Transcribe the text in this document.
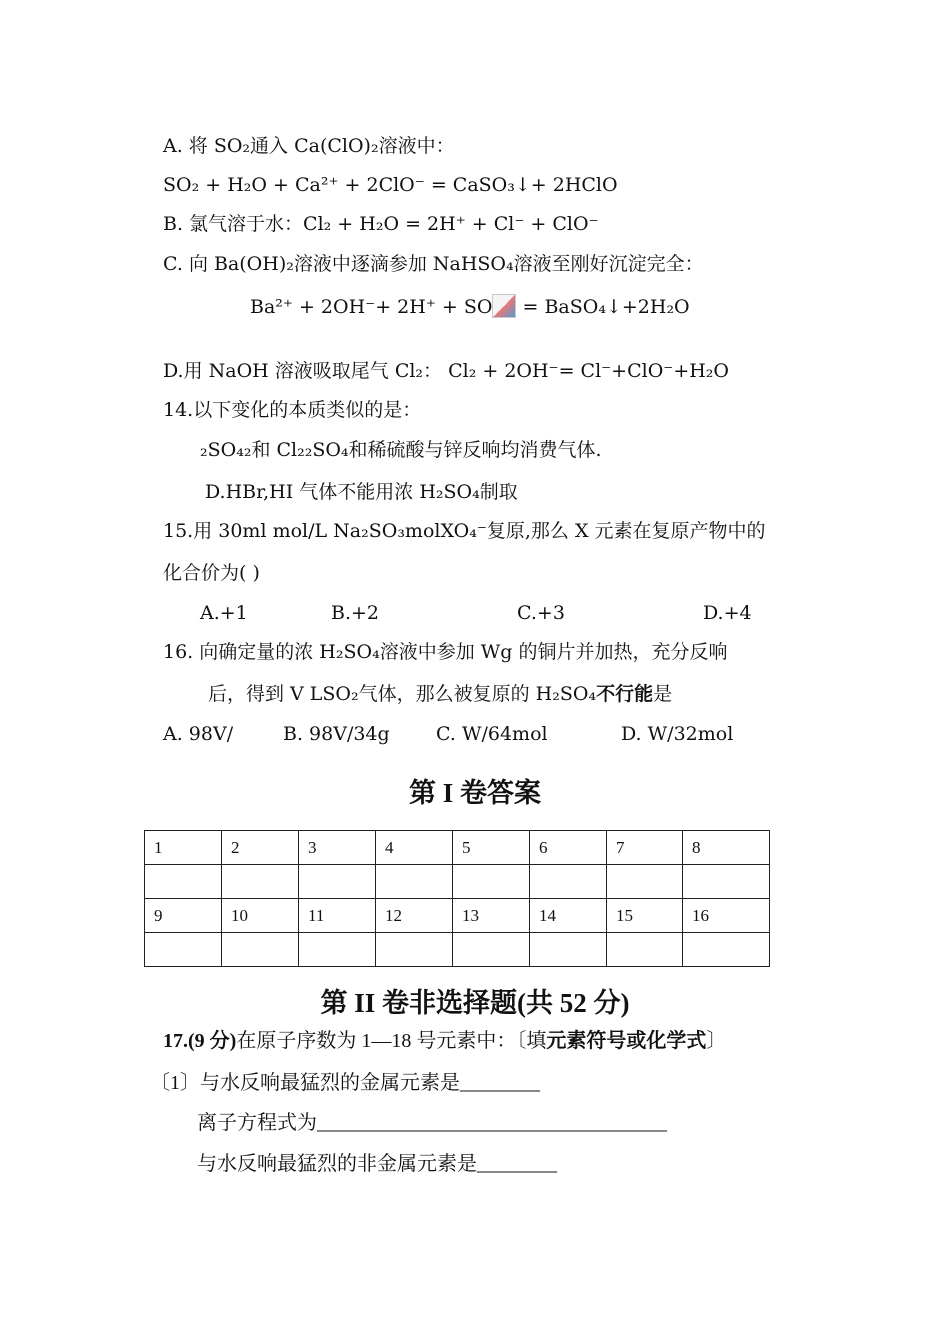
A. 将 SO₂通入 Ca(ClO)₂溶液中：
SO₂ + H₂O + Ca²⁺ + 2ClO⁻ = CaSO₃↓+ 2HClO
B. 氯气溶于水：Cl₂ + H₂O = 2H⁺ + Cl⁻ + ClO⁻
C. 向 Ba(OH)₂溶液中逐滴参加 NaHSO₄溶液至刚好沉淀完全：
Ba²⁺ + 2OH⁻+ 2H⁺ + SO = BaSO₄↓+2H₂O
D.用 NaOH 溶液吸取尾气 Cl₂： Cl₂ + 2OH⁻= Cl⁻+ClO⁻+H₂O
14.以下变化的本质类似的是：
₂SO₄₂和 Cl₂₂SO₄和稀硫酸与锌反响均消费气体.
D.HBr,HI 气体不能用浓 H₂SO₄制取
15.用 30ml mol/L Na₂SO₃molXO₄⁻复原,那么 X 元素在复原产物中的
化合价为( )
A.+1	B.+2	C.+3	D.+4
16. 向确定量的浓 H₂SO₄溶液中参加 Wg 的铜片并加热，充分反响
后，得到 V LSO₂气体，那么被复原的 H₂SO₄不行能是
A. 98V/	B. 98V/34g C. W/64mol	D. W/32mol
第 I 卷答案
1	2	3	4	5	6	7	8

9	10	11	12	13	14	15	16

第 II 卷非选择题(共 52 分)
17.(9 分)在原子序数为 1—18 号元素中：〔填元素符号或化学式〕
〔1〕与水反响最猛烈的金属元素是________
离子方程式为___________________________________
与水反响最猛烈的非金属元素是________
